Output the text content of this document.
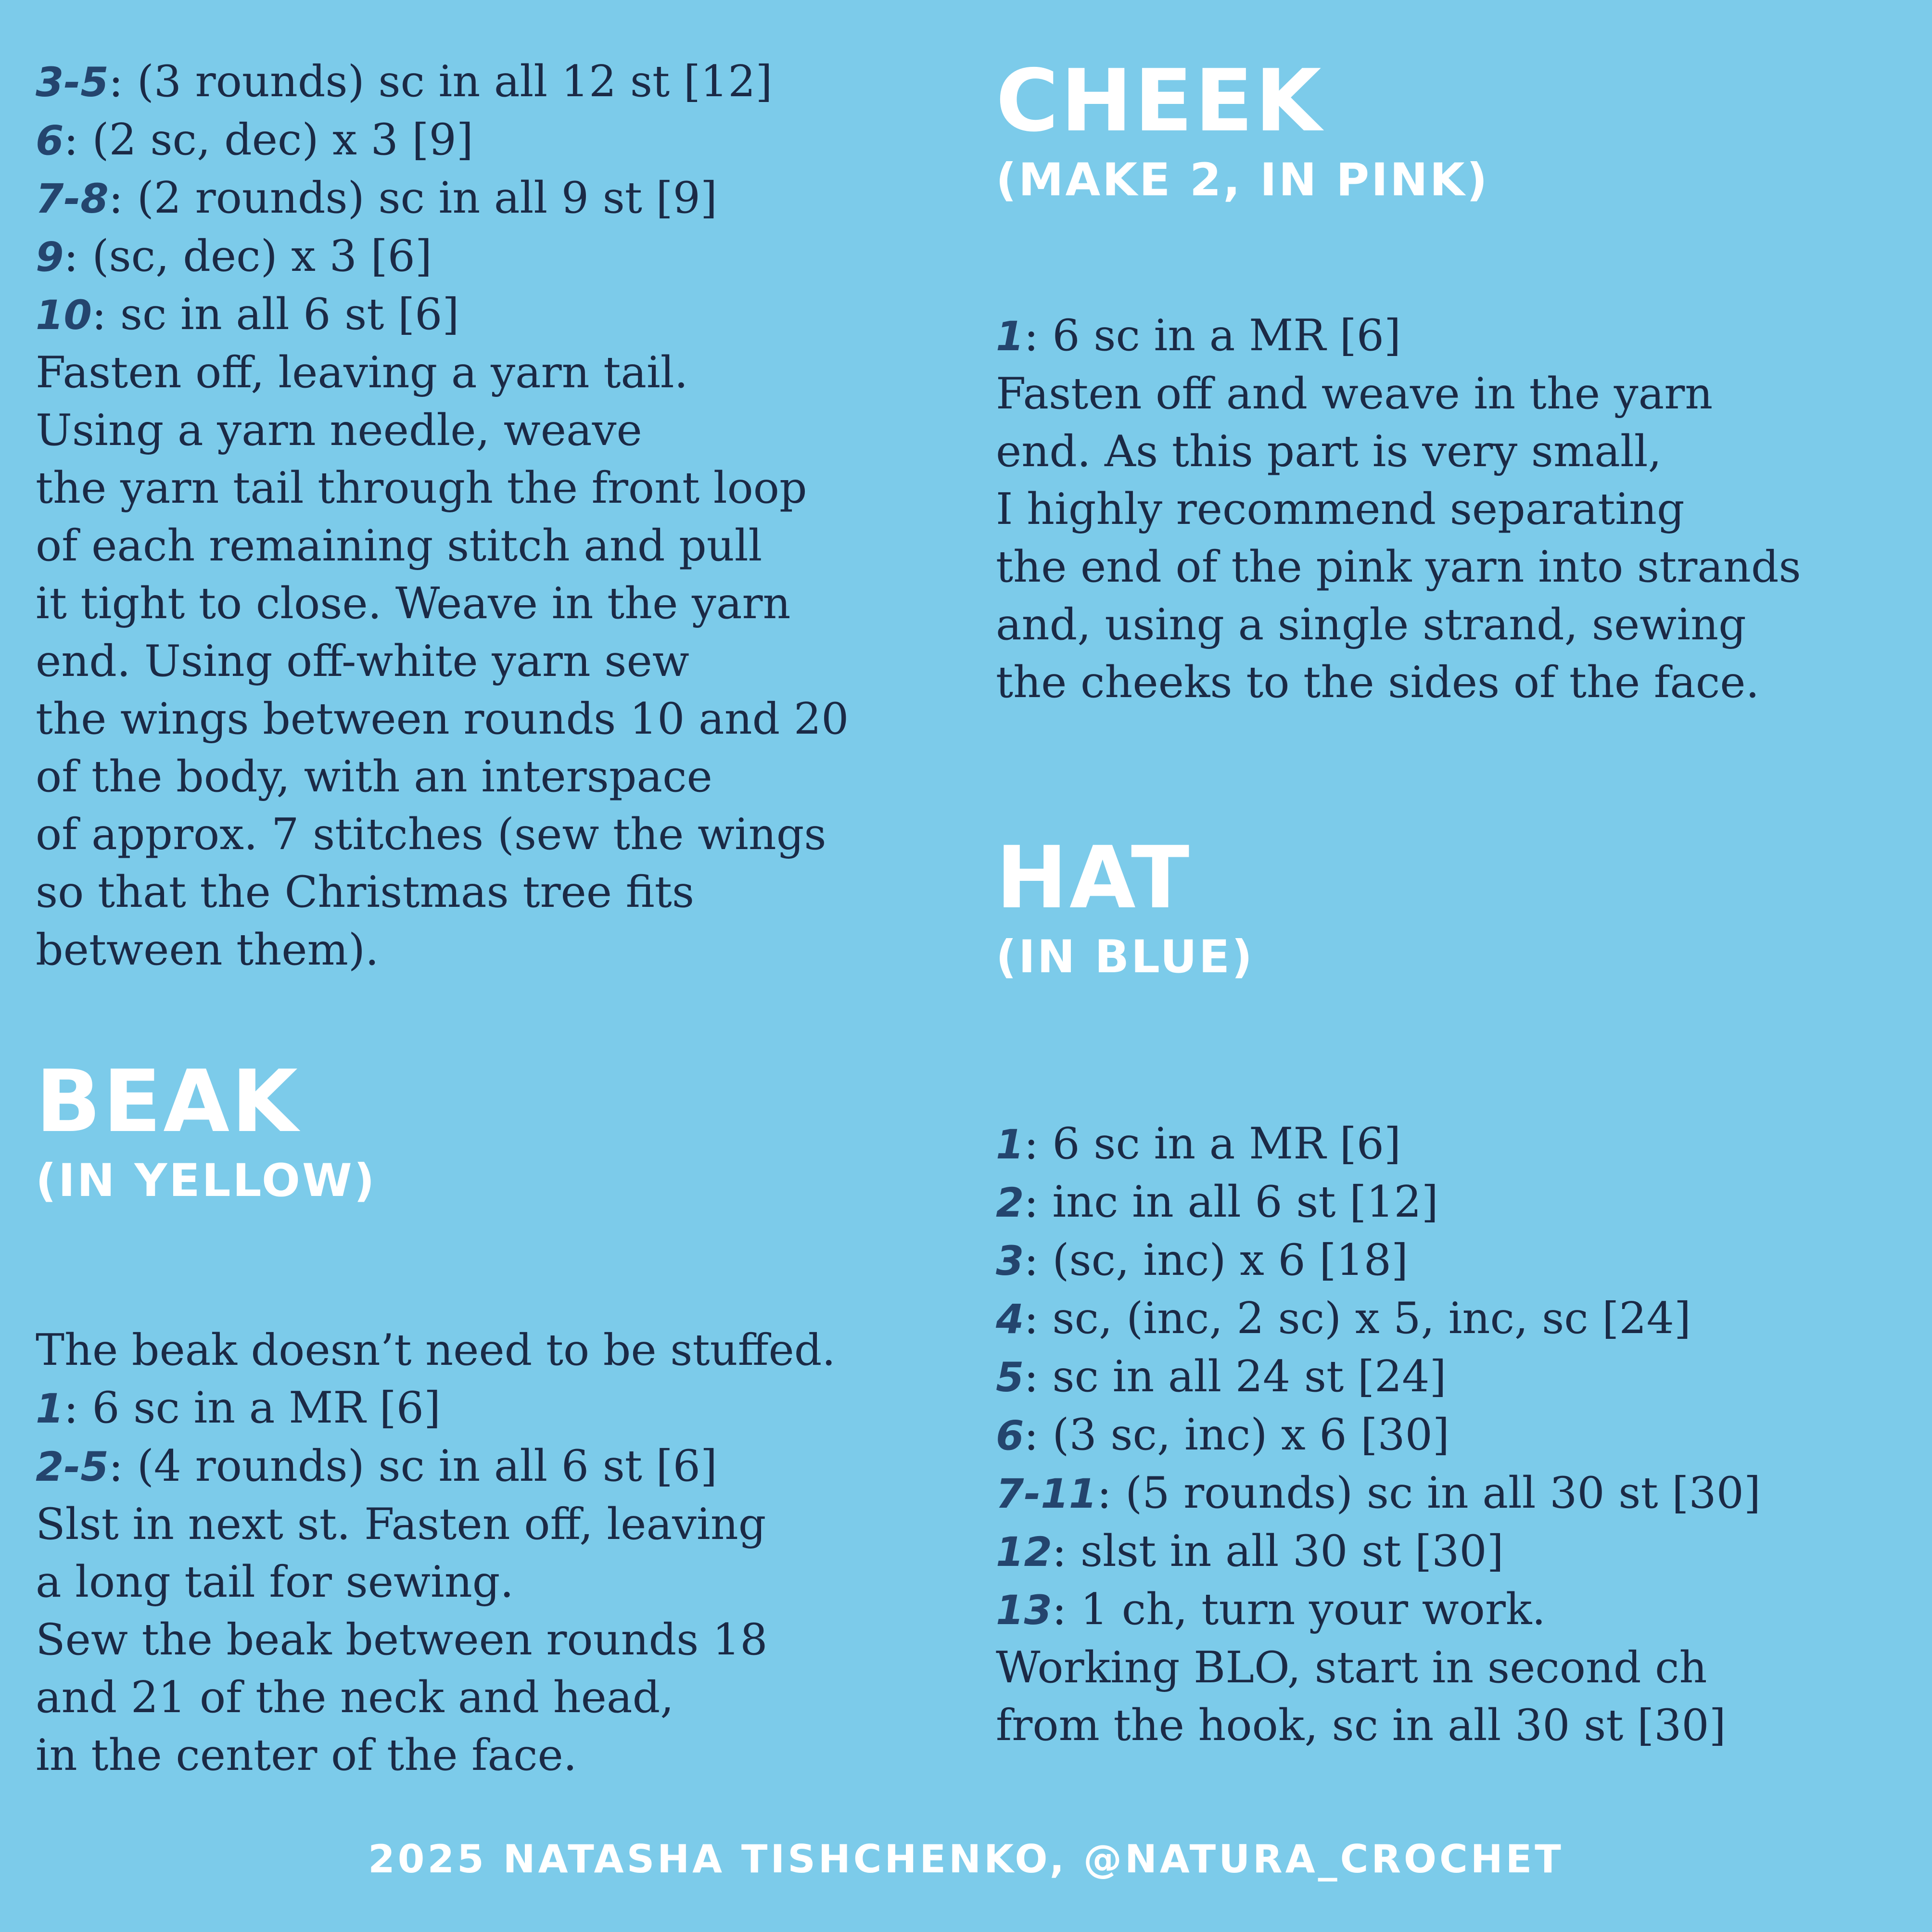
3-5: (3 rounds) sc in all 12 st [12]

6: (2 sc, dec) x 3 [9]

7-8: (2 rounds) sc in all 9 st [9]

9: (sc, dec) x 3 [6]

10: sc in all 6 st [6]

Fasten off, leaving a yarn tail.

Using a yarn needle, weave

the yarn tail through the front loop

of each remaining stitch and pull

it tight to close. Weave in the yarn

end. Using off-white yarn sew

the wings between rounds 10 and 20

of the body, with an interspace

of approx. 7 stitches (sew the wings

so that the Christmas tree fits

between them).

BEAK
(IN YELLOW)

The beak doesn’t need to be stuffed.

1: 6 sc in a MR [6]

2-5: (4 rounds) sc in all 6 st [6]

Slst in next st. Fasten off, leaving

a long tail for sewing.

Sew the beak between rounds 18

and 21 of the neck and head,

in the center of the face.

CHEEK
(MAKE 2, IN PINK)

1: 6 sc in a MR [6]

Fasten off and weave in the yarn

end. As this part is very small,

I highly recommend separating

the end of the pink yarn into strands

and, using a single strand, sewing

the cheeks to the sides of the face.

HAT
(IN BLUE)

1: 6 sc in a MR [6]

2: inc in all 6 st [12]

3: (sc, inc) x 6 [18]

4: sc, (inc, 2 sc) x 5, inc, sc [24]

5: sc in all 24 st [24]

6: (3 sc, inc) x 6 [30]

7-11: (5 rounds) sc in all 30 st [30]

12: slst in all 30 st [30]

13: 1 ch, turn your work.

Working BLO, start in second ch

from the hook, sc in all 30 st [30]

2025 NATASHA TISHCHENKO, @NATURA_CROCHET
